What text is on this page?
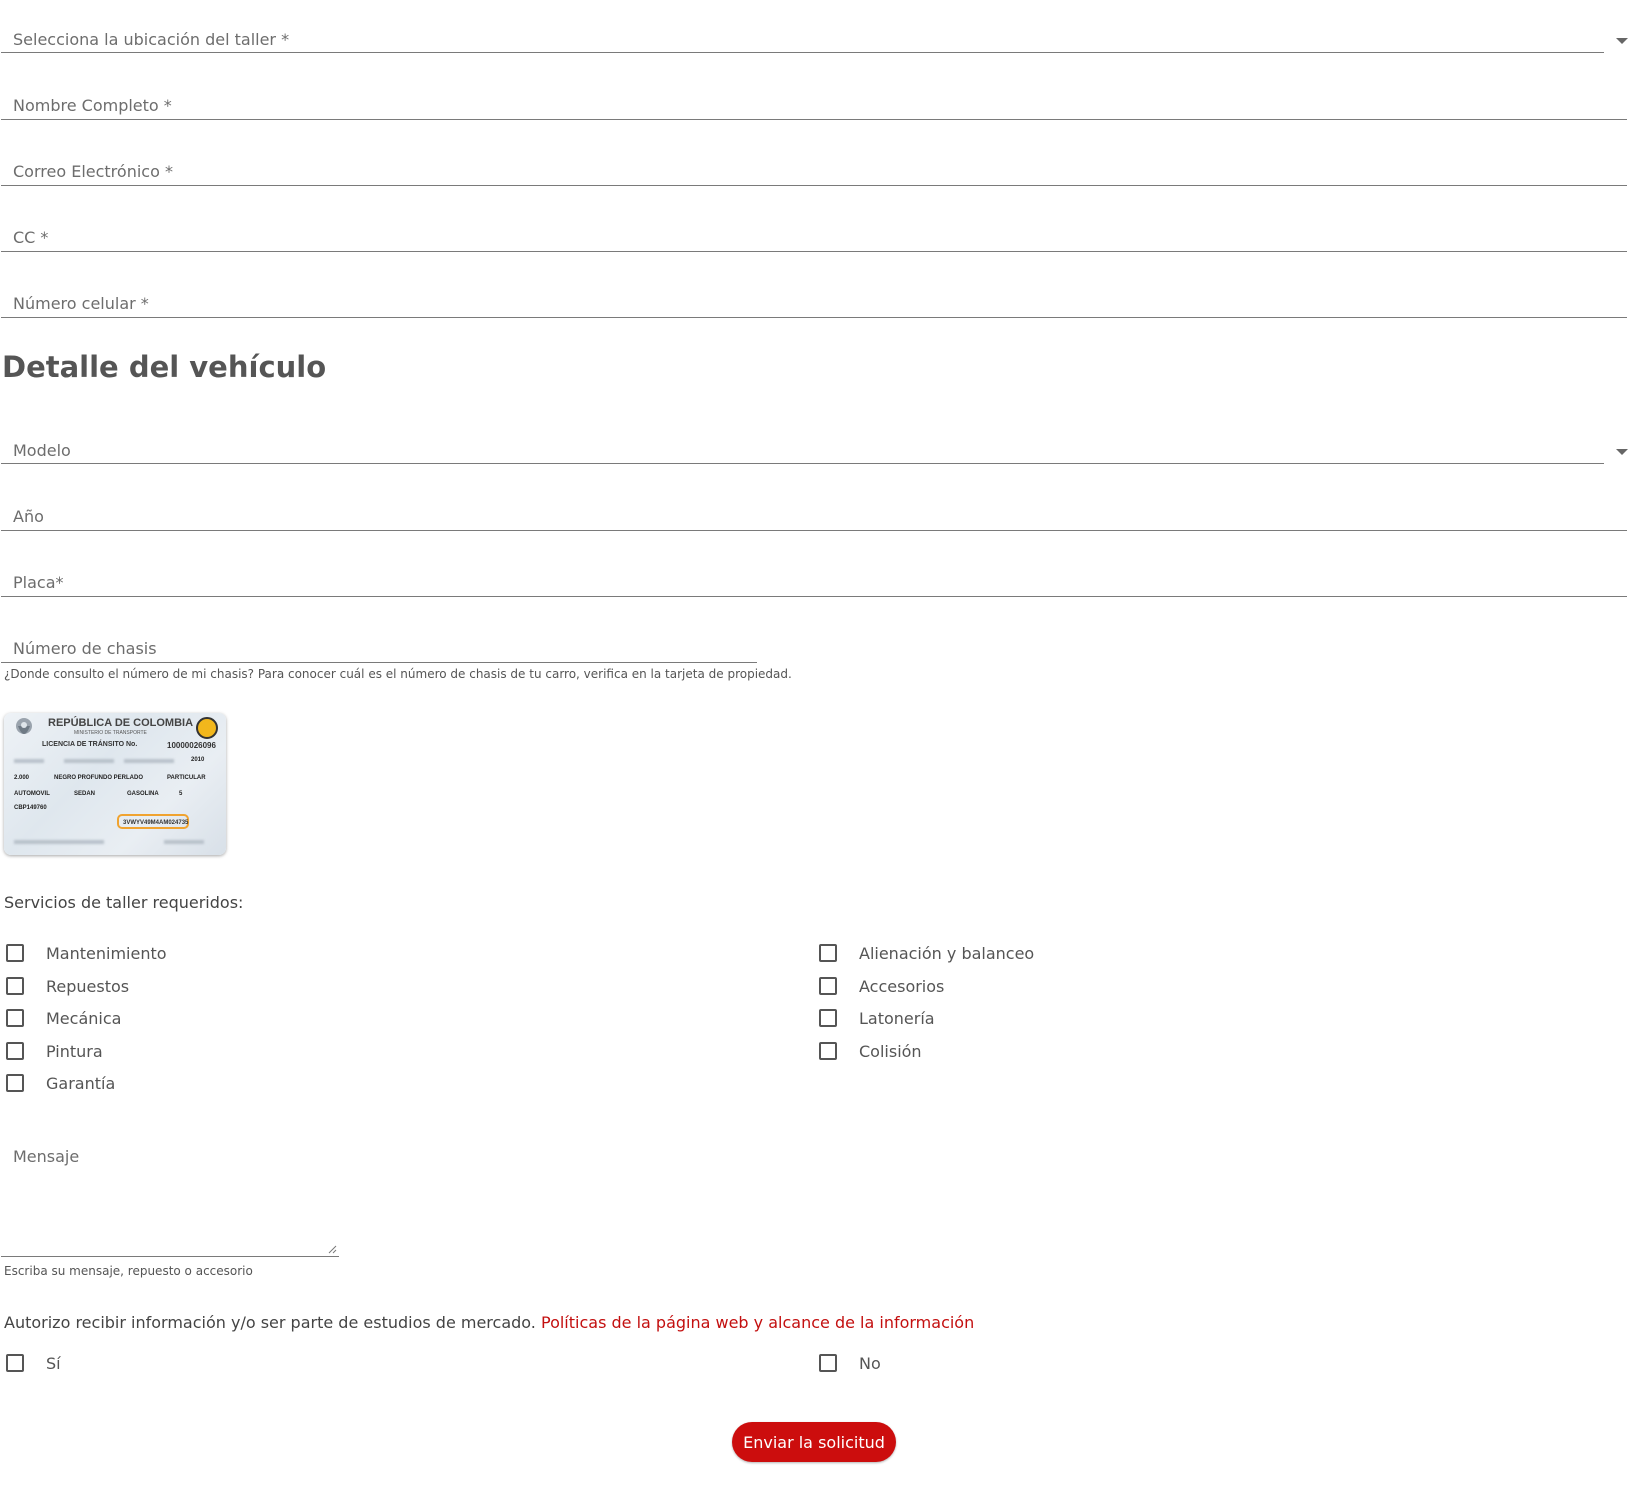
Selecciona la ubicación del taller *
Nombre Completo *
Correo Electrónico *
CC *
Número celular *
Detalle del vehículo
Modelo
Año
Placa*
Número de chasis
¿Donde consulto el número de mi chasis? Para conocer cuál es el número de chasis de tu carro, verifica en la tarjeta de propiedad.
REPÚBLICA DE COLOMBIA
MINISTERIO DE TRANSPORTE
LICENCIA DE TRÁNSITO No.	10000026096
2010
2.000	NEGRO PROFUNDO PERLADO	PARTICULAR
AUTOMOVIL	SEDAN	GASOLINA	5
CBP149760
3VWYV49M4AM024735
Servicios de taller requeridos:
Mantenimiento
Repuestos
Mecánica
Pintura
Garantía
Alienación y balanceo
Accesorios
Latonería
Colisión
Mensaje
Escriba su mensaje, repuesto o accesorio
Autorizo recibir información y/o ser parte de estudios de mercado. Políticas de la página web y alcance de la información
Sí	No
Enviar la solicitud
